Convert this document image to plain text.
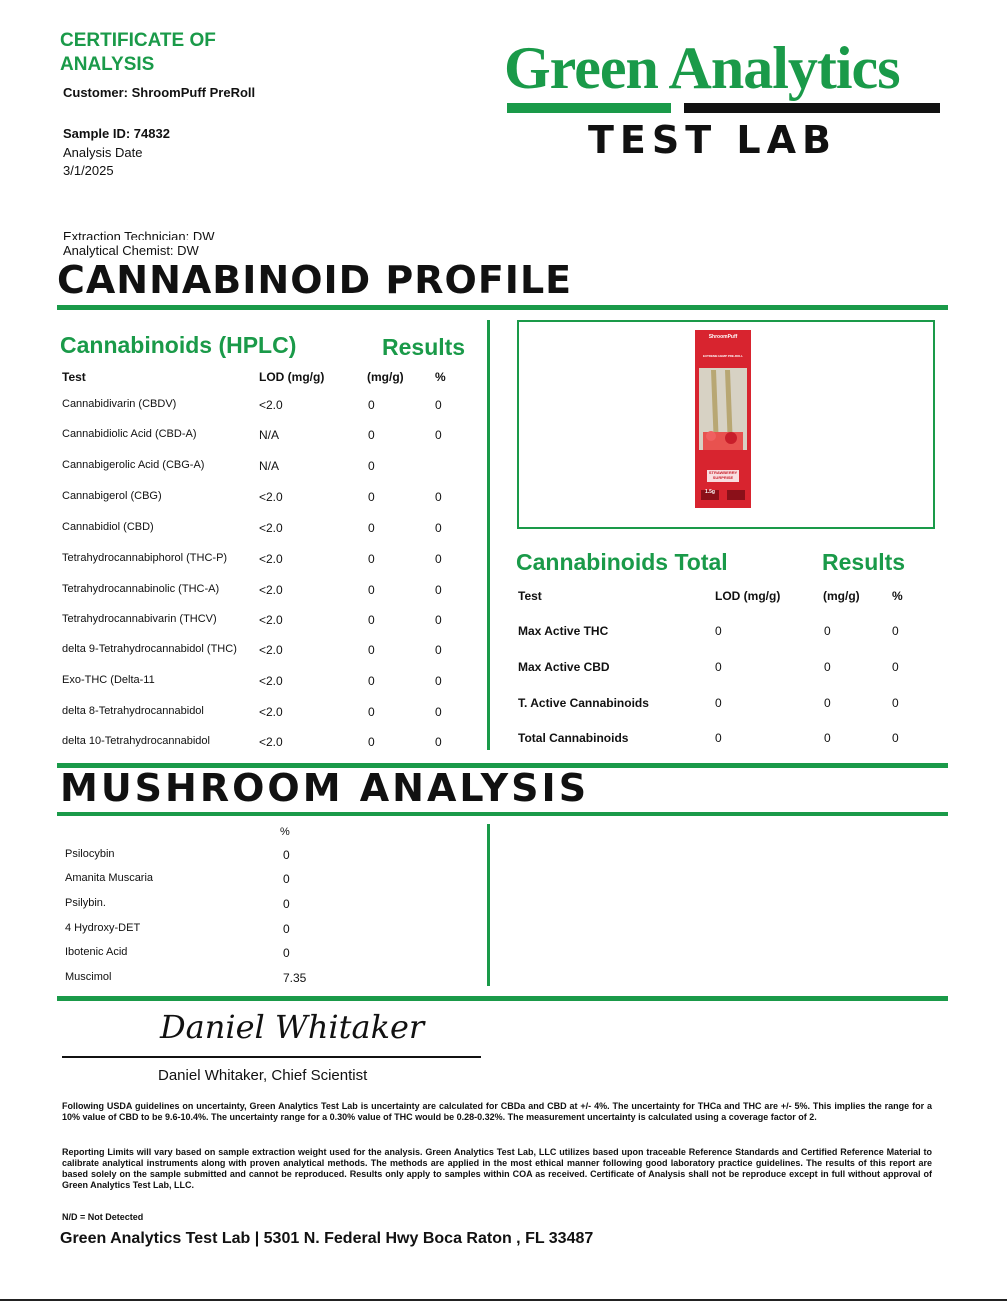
CERTIFICATE OF ANALYSIS
Customer: ShroomPuff PreRoll
Sample ID: 74832
Analysis Date
3/1/2025
Extraction Technician: DW
Analytical Chemist: DW
Green Analytics
TEST LAB
CANNABINOID PROFILE
Cannabinoids (HPLC)	Results
Test	LOD (mg/g)	(mg/g)	%
Cannabidivarin (CBDV)	<2.0	0	0
Cannabidiolic Acid (CBD-A)	N/A	0	0
Cannabigerolic Acid (CBG-A)	N/A	0
Cannabigerol (CBG)	<2.0	0	0
Cannabidiol (CBD)	<2.0	0	0
Tetrahydrocannabiphorol (THC-P)	<2.0	0	0
Tetrahydrocannabinolic (THC-A)	<2.0	0	0
Tetrahydrocannabivarin (THCV)	<2.0	0	0
delta 9-Tetrahydrocannabidol (THC) <2.0	0	0
Exo-THC (Delta-11	<2.0	0	0
delta 8-Tetrahydrocannabidol	<2.0	0	0
delta 10-Tetrahydrocannabidol	<2.0	0	0
ShroomPuff
EXTREME HEMP PRE-ROLL
STRAWBERRY SURPRISE
1.5g
Cannabinoids Total	Results
Test	LOD (mg/g)	(mg/g)	%
Max Active THC	0	0	0
Max Active CBD	0	0	0
T. Active Cannabinoids	0	0	0
Total Cannabinoids	0	0	0
MUSHROOM ANALYSIS
%
Psilocybin	0
Amanita Muscaria	0
Psilybin.	0
4 Hydroxy-DET	0
Ibotenic Acid	0
Muscimol	7.35
Daniel Whitaker
Daniel Whitaker, Chief Scientist
Following USDA guidelines on uncertainty, Green Analytics Test Lab is uncertainty are calculated for CBDa and CBD at +/- 4%. The uncertainty for THCa and THC are +/- 5%. This implies the range for a 10% value of CBD to be 9.6-10.4%. The uncertainty range for a 0.30% value of THC would be 0.28-0.32%. The measurement uncertainty is calculated using a coverage factor of 2.
Reporting Limits will vary based on sample extraction weight used for the analysis. Green Analytics Test Lab, LLC utilizes based upon traceable Reference Standards and Certified Reference Material to calibrate analytical instruments along with proven analytical methods. The methods are applied in the most ethical manner following good laboratory practice guidelines. The results of this report are based solely on the sample submitted and cannot be reproduced. Results only apply to samples within COA as received. Certificate of Analysis shall not be reproduce except in full without approval of Green Analytics Test Lab, LLC.
N/D = Not Detected
Green Analytics Test Lab | 5301 N. Federal Hwy Boca Raton , FL 33487
